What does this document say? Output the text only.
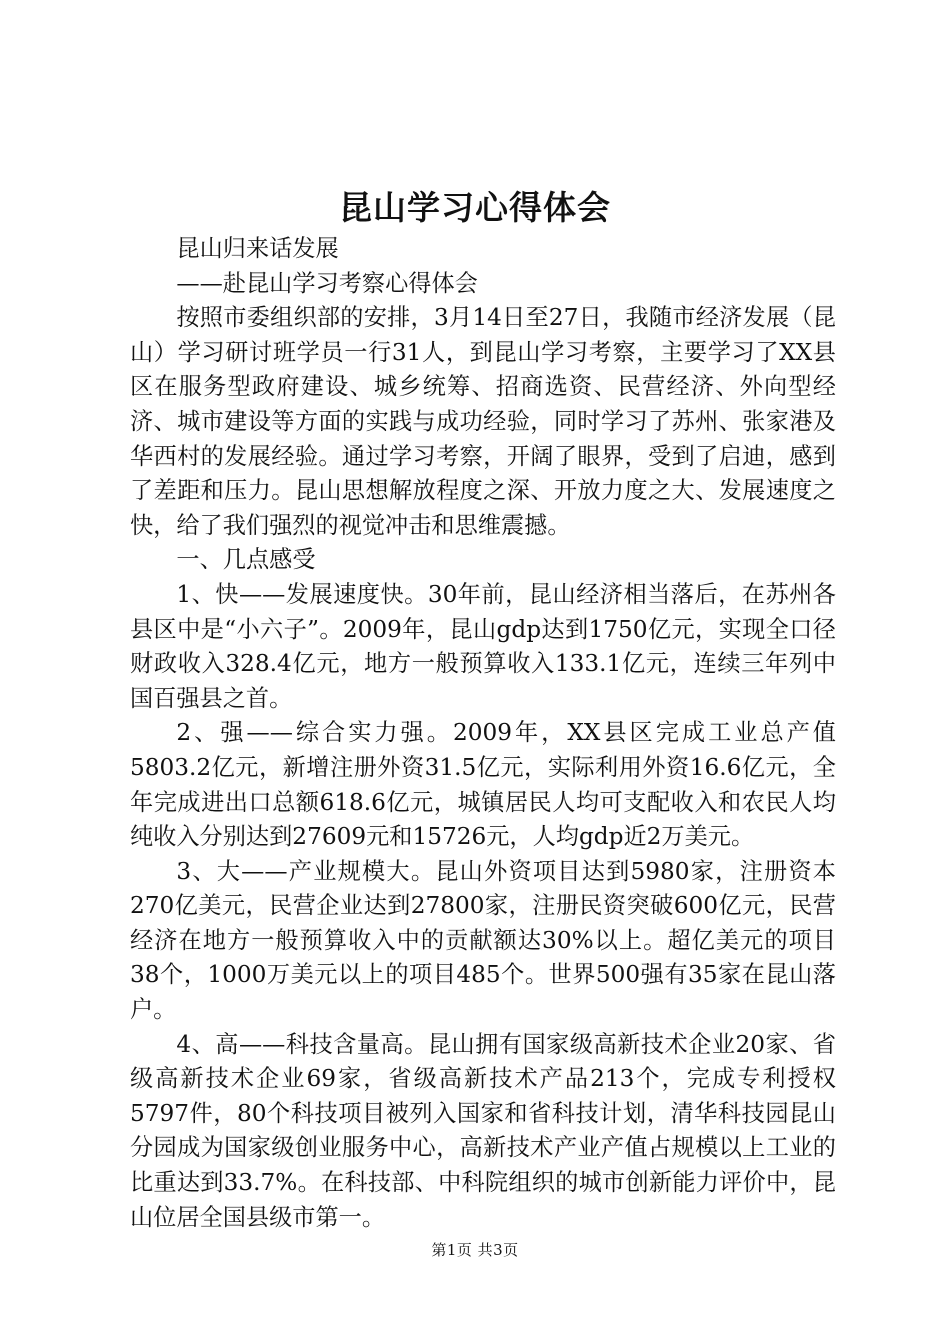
昆山学习心得体会

昆山归来话发展

——赴昆山学习考察心得体会

按照市委组织部的安排，3月14日至27日，我随市经济发展（昆山）学习研讨班学员一行31人，到昆山学习考察，主要学习了XX县区在服务型政府建设、城乡统筹、招商选资、民营经济、外向型经济、城市建设等方面的实践与成功经验，同时学习了苏州、张家港及华西村的发展经验。通过学习考察，开阔了眼界，受到了启迪，感到了差距和压力。昆山思想解放程度之深、开放力度之大、发展速度之快，给了我们强烈的视觉冲击和思维震撼。

一、几点感受

1、快——发展速度快。30年前，昆山经济相当落后，在苏州各县区中是“小六子”。2009年，昆山gdp达到1750亿元，实现全口径财政收入328.4亿元，地方一般预算收入133.1亿元，连续三年列中国百强县之首。

2、强——综合实力强。2009年，XX县区完成工业总产值5803.2亿元，新增注册外资31.5亿元，实际利用外资16.6亿元，全年完成进出口总额618.6亿元，城镇居民人均可支配收入和农民人均纯收入分别达到27609元和15726元，人均gdp近2万美元。

3、大——产业规模大。昆山外资项目达到5980家，注册资本270亿美元，民营企业达到27800家，注册民资突破600亿元，民营经济在地方一般预算收入中的贡献额达30%以上。超亿美元的项目38个，1000万美元以上的项目485个。世界500强有35家在昆山落户。

4、高——科技含量高。昆山拥有国家级高新技术企业20家、省级高新技术企业69家，省级高新技术产品213个，完成专利授权5797件，80个科技项目被列入国家和省科技计划，清华科技园昆山分园成为国家级创业服务中心，高新技术产业产值占规模以上工业的比重达到33.7%。在科技部、中科院组织的城市创新能力评价中，昆山位居全国县级市第一。

第1页 共3页
